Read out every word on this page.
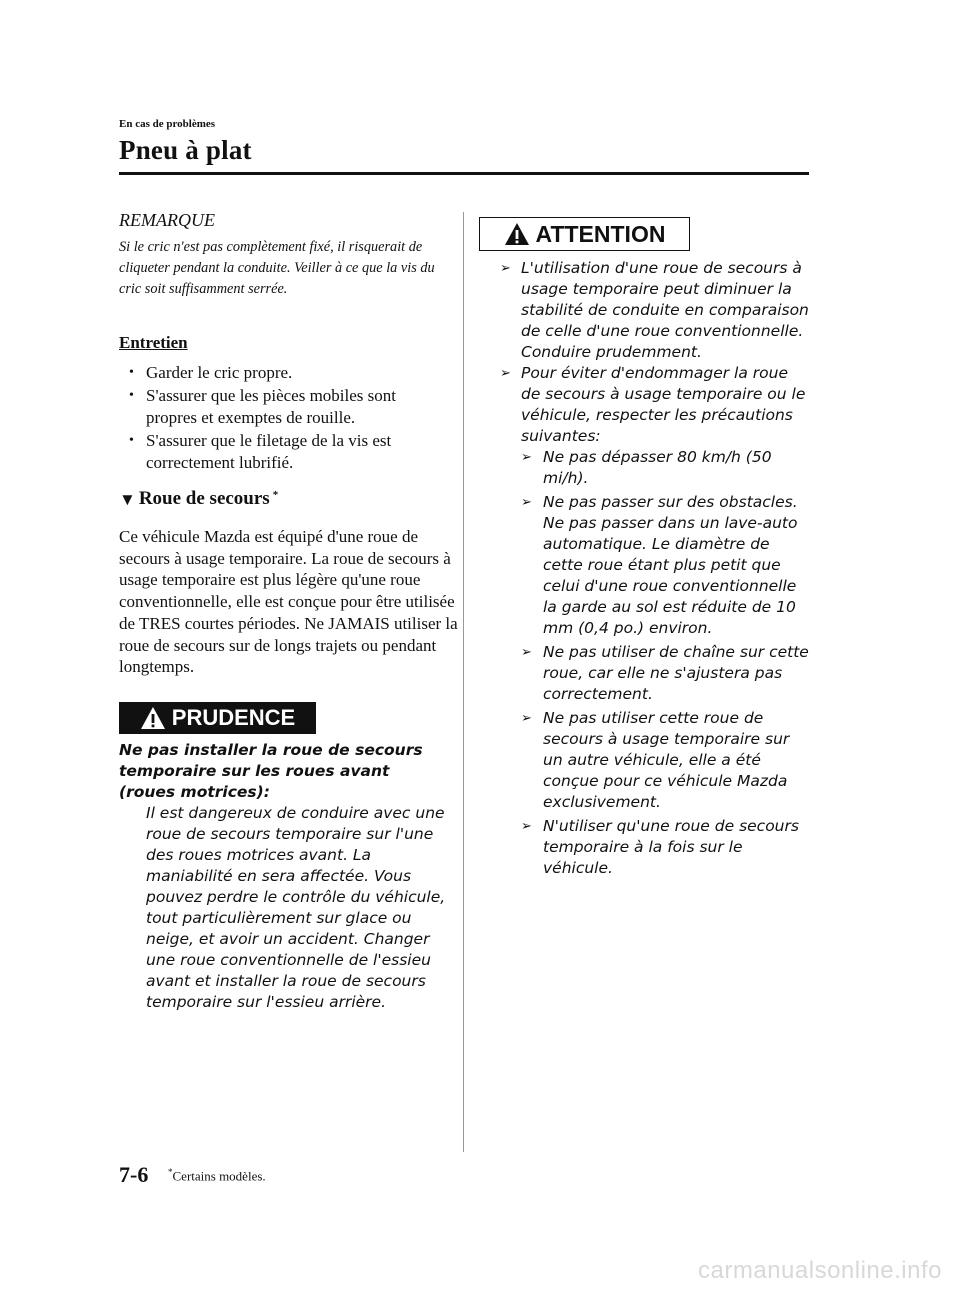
En cas de problèmes
Pneu à plat

REMARQUE

Si le cric n'est pas complètement fixé, il risquerait de cliqueter pendant la conduite. Veiller à ce que la vis du cric soit suffisamment serrée.

Entretien

• Garder le cric propre.
• S'assurer que les pièces mobiles sont propres et exemptes de rouille.
• S'assurer que le filetage de la vis est correctement lubrifié.
▼ Roue de secours *

Ce véhicule Mazda est équipé d'une roue de secours à usage temporaire. La roue de secours à usage temporaire est plus légère qu'une roue conventionnelle, elle est conçue pour être utilisée de TRES courtes périodes. Ne JAMAIS utiliser la roue de secours sur de longs trajets ou pendant longtemps.

PRUDENCE

Ne pas installer la roue de secours temporaire sur les roues avant (roues motrices):

Il est dangereux de conduire avec une roue de secours temporaire sur l'une des roues motrices avant. La maniabilité en sera affectée. Vous pouvez perdre le contrôle du véhicule, tout particulièrement sur glace ou neige, et avoir un accident. Changer une roue conventionnelle de l'essieu avant et installer la roue de secours temporaire sur l'essieu arrière.

ATTENTION
➢ L'utilisation d'une roue de secours à usage temporaire peut diminuer la stabilité de conduite en comparaison de celle d'une roue conventionnelle. Conduire prudemment.
➢ Pour éviter d'endommager la roue de secours à usage temporaire ou le véhicule, respecter les précautions suivantes:
➢ Ne pas dépasser 80 km/h (50 mi/h).
➢ Ne pas passer sur des obstacles. Ne pas passer dans un lave-auto automatique. Le diamètre de cette roue étant plus petit que celui d'une roue conventionnelle la garde au sol est réduite de 10 mm (0,4 po.) environ.
➢ Ne pas utiliser de chaîne sur cette roue, car elle ne s'ajustera pas correctement.
➢ Ne pas utiliser cette roue de secours à usage temporaire sur un autre véhicule, elle a été conçue pour ce véhicule Mazda exclusivement.
➢ N'utiliser qu'une roue de secours temporaire à la fois sur le véhicule.

7-6 *Certains modèles.

carmanualsonline.info
